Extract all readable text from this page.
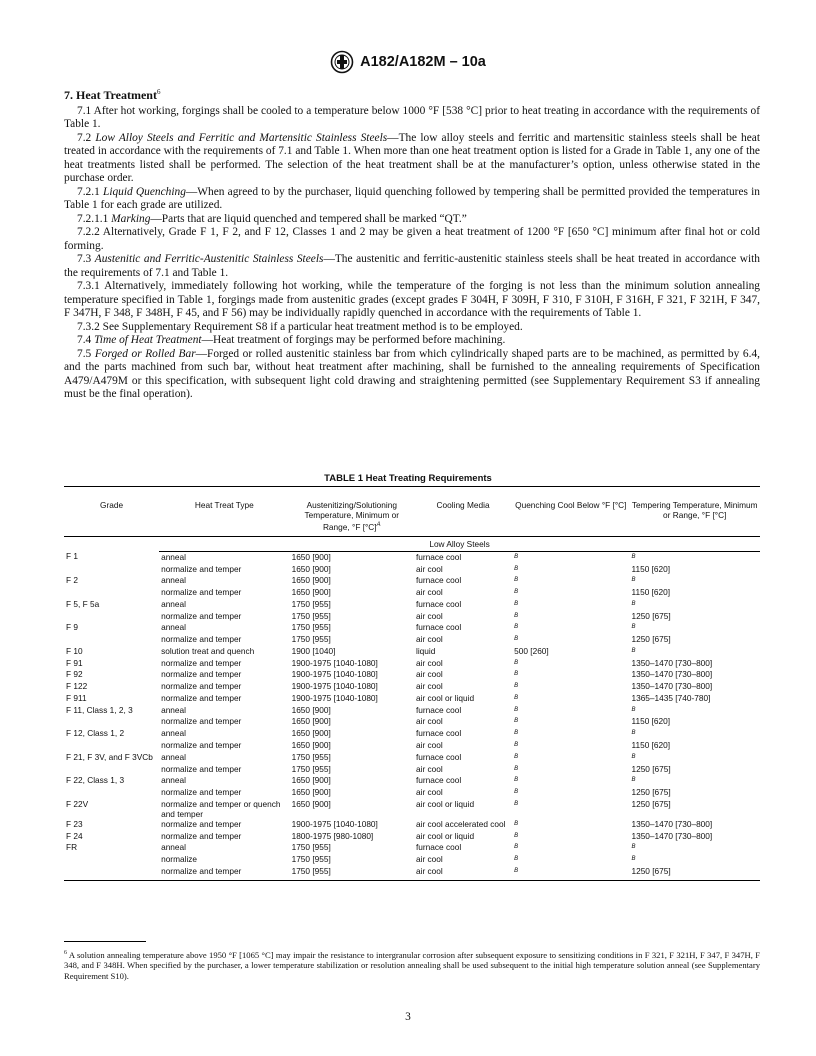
A182/A182M – 10a
7. Heat Treatment$^6$

7.1 After hot working, forgings shall be cooled to a temperature below 1000 °F [538 °C] prior to heat treating in accordance with the requirements of Table 1.

7.2 Low Alloy Steels and Ferritic and Martensitic Stainless Steels—The low alloy steels and ferritic and martensitic stainless steels shall be heat treated in accordance with the requirements of 7.1 and Table 1. When more than one heat treatment option is listed for a Grade in Table 1, any one of the heat treatments listed shall be performed. The selection of the heat treatment shall be at the manufacturer’s option, unless otherwise stated in the purchase order.

7.2.1 Liquid Quenching—When agreed to by the purchaser, liquid quenching followed by tempering shall be permitted provided the temperatures in Table 1 for each grade are utilized.

7.2.1.1 Marking—Parts that are liquid quenched and tempered shall be marked “QT.”

7.2.2 Alternatively, Grade F 1, F 2, and F 12, Classes 1 and 2 may be given a heat treatment of 1200 °F [650 °C] minimum after final hot or cold forming.

7.3 Austenitic and Ferritic-Austenitic Stainless Steels—The austenitic and ferritic-austenitic stainless steels shall be heat treated in accordance with the requirements of 7.1 and Table 1.

7.3.1 Alternatively, immediately following hot working, while the temperature of the forging is not less than the minimum solution annealing temperature specified in Table 1, forgings made from austenitic grades (except grades F 304H, F 309H, F 310, F 310H, F 316H, F 321, F 321H, F 347, F 347H, F 348, F 348H, F 45, and F 56) may be individually rapidly quenched in accordance with the requirements of Table 1.

7.3.2 See Supplementary Requirement S8 if a particular heat treatment method is to be employed.

7.4 Time of Heat Treatment—Heat treatment of forgings may be performed before machining.

7.5 Forged or Rolled Bar—Forged or rolled austenitic stainless bar from which cylindrically shaped parts are to be machined, as permitted by 6.4, and the parts machined from such bar, without heat treatment after machining, shall be furnished to the annealing requirements of Specification A479/A479M or this specification, with subsequent light cold drawing and straightening permitted (see Supplementary Requirement S3 if annealing must be the final operation).

TABLE 1 Heat Treating Requirements
Grade	Heat Treat Type	Austenitizing/Solutioning Temperature, Minimum or Range, °F $[^\circ C]^A$	Cooling Media	Quenching Cool Below °F [°C]	Tempering Temperature, Minimum or Range, °F [°C]
	Low Alloy Steels				
F 1	anneal	1650 [900]	furnace cool	$^B$	$^B$
	normalize and temper	1650 [900]	air cool	$^B$	1150 [620]
F 2	anneal	1650 [900]	furnace cool	$^B$	$^B$
	normalize and temper	1650 [900]	air cool	$^B$	1150 [620]
F 5, F 5a	anneal	1750 [955]	furnace cool	$^B$	$^B$
	normalize and temper	1750 [955]	air cool	$^B$	1250 [675]
F 9	anneal	1750 [955]	furnace cool	$^B$	$^B$
	normalize and temper	1750 [955]	air cool	$^B$	1250 [675]
F 10	solution treat and quench	1900 [1040]	liquid	500 [260]	$^B$
F 91	normalize and temper	1900-1975 [1040-1080]	air cool	$^B$	1350–1470 [730–800]
F 92	normalize and temper	1900-1975 [1040-1080]	air cool	$^B$	1350–1470 [730–800]
F 122	normalize and temper	1900-1975 [1040-1080]	air cool	$^B$	1350–1470 [730–800]
F 911	normalize and temper	1900-1975 [1040-1080]	air cool or liquid	$^B$	1365–1435 [740-780]
F 11, Class 1, 2, 3	anneal	1650 [900]	furnace cool	$^B$	$^B$
	normalize and temper	1650 [900]	air cool	$^B$	1150 [620]
F 12, Class 1, 2	anneal	1650 [900]	furnace cool	$^B$	$^B$
	normalize and temper	1650 [900]	air cool	$^B$	1150 [620]
F 21, F 3V, and F 3VCb	anneal	1750 [955]	furnace cool	$^B$	$^B$
	normalize and temper	1750 [955]	air cool	$^B$	1250 [675]
F 22, Class 1, 3	anneal	1650 [900]	furnace cool	$^B$	$^B$
	normalize and temper	1650 [900]	air cool	$^B$	1250 [675]
F 22V	normalize and temper or quench and temper	1650 [900]	air cool or liquid	$^B$	1250 [675]
F 23	normalize and temper	1900-1975 [1040-1080]	air cool accelerated cool	$^B$	1350–1470 [730–800]
F 24	normalize and temper	1800-1975 [980-1080]	air cool or liquid	$^B$	1350–1470 [730–800]
FR	anneal	1750 [955]	furnace cool	$^B$	$^B$
	normalize	1750 [955]	air cool	$^B$	$^B$
	normalize and temper	1750 [955]	air cool	$^B$	1250 [675]
$^6$ A solution annealing temperature above 1950 °F [1065 °C] may impair the resistance to intergranular corrosion after subsequent exposure to sensitizing conditions in F 321, F 321H, F 347, F 347H, F 348, and F 348H. When specified by the purchaser, a lower temperature stabilization or resolution annealing shall be used subsequent to the initial high temperature solution anneal (see Supplementary Requirement S10).
3
